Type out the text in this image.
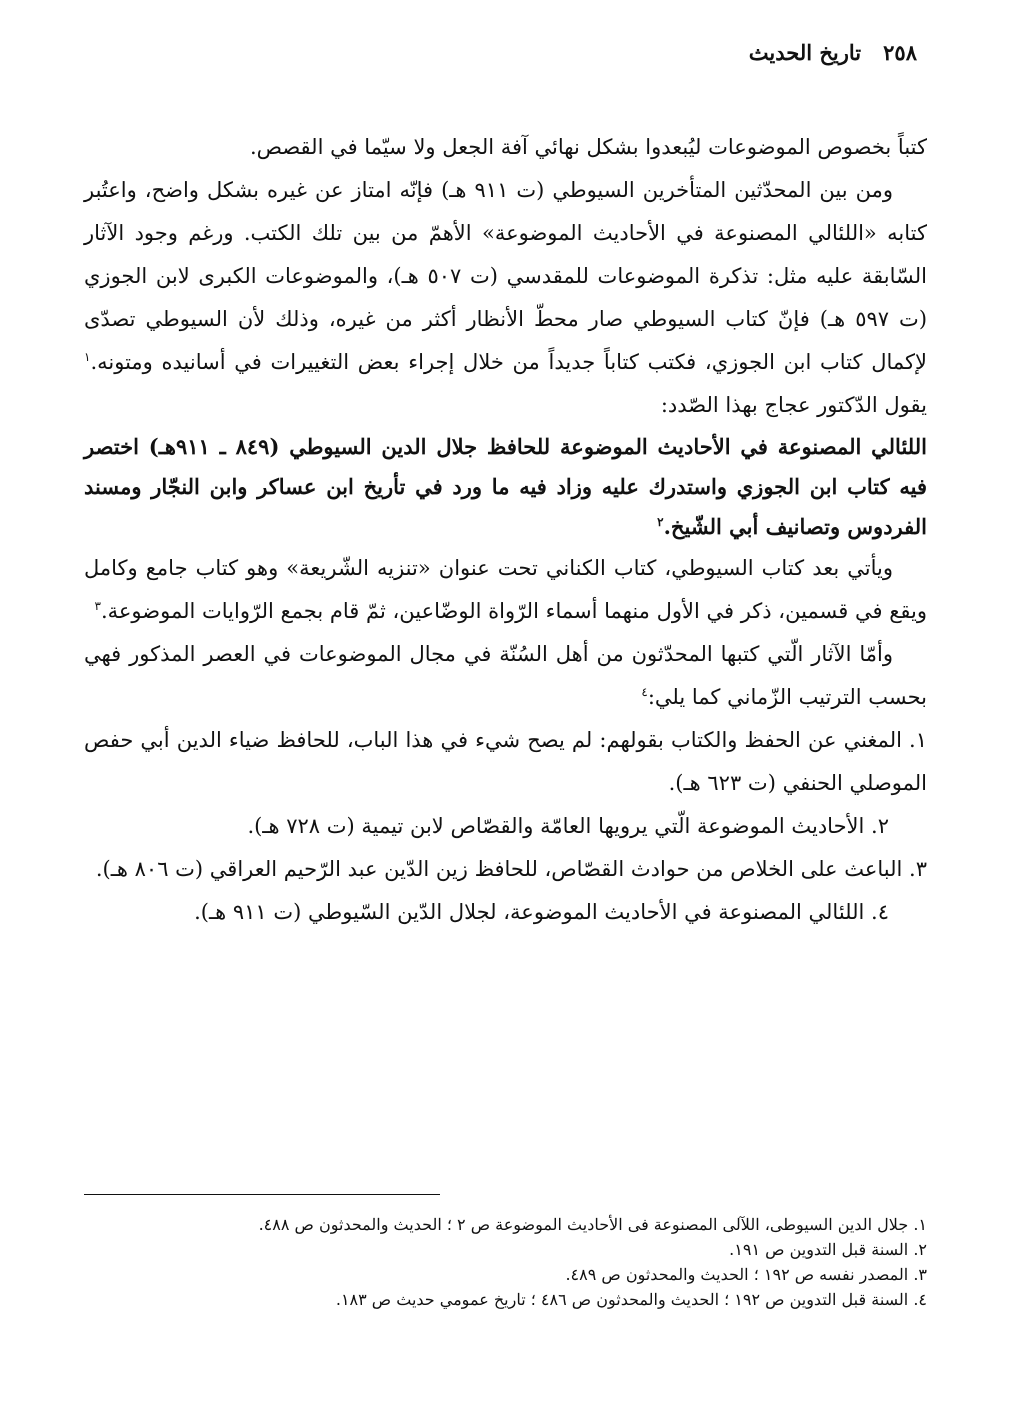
٢٥٨
تاريخ الحديث

كتباً بخصوص الموضوعات ليُبعدوا بشكل نهائي آفة الجعل ولا سيّما في القصص.

ومن بين المحدّثين المتأخرين السيوطي (ت ٩١١ هـ) فإنّه امتاز عن غيره بشكل واضح، واعتُبر كتابه «اللئالي المصنوعة في الأحاديث الموضوعة» الأهمّ من بين تلك الكتب. ورغم وجود الآثار السّابقة عليه مثل: تذكرة الموضوعات للمقدسي (ت ٥٠٧ هـ)، والموضوعات الكبرى لابن الجوزي (ت ٥٩٧ هـ) فإنّ كتاب السيوطي صار محطّ الأنظار أكثر من غيره، وذلك لأن السيوطي تصدّى لإكمال كتاب ابن الجوزي، فكتب كتاباً جديداً من خلال إجراء بعض التغييرات في أسانيده ومتونه.$^١$ يقول الدّكتور عجاج بهذا الصّدد:

اللئالي المصنوعة في الأحاديث الموضوعة للحافظ جلال الدين السيوطي (٨٤٩ ـ ٩١١هـ) اختصر فيه كتاب ابن الجوزي واستدرك عليه وزاد فيه ما ورد في تأريخ ابن عساكر وابن النجّار ومسند الفردوس وتصانيف أبي الشّيخ.$^٢$

ويأتي بعد كتاب السيوطي، كتاب الكناني تحت عنوان «تنزيه الشّريعة» وهو كتاب جامع وكامل ويقع في قسمين، ذكر في الأول منهما أسماء الرّواة الوضّاعين، ثمّ قام بجمع الرّوايات الموضوعة.$^٣$

وأمّا الآثار الّتي كتبها المحدّثون من أهل السُنّة في مجال الموضوعات في العصر المذكور فهي بحسب الترتيب الزّماني كما يلي:$^٤$

١. المغني عن الحفظ والكتاب بقولهم: لم يصح شيء في هذا الباب، للحافظ ضياء الدين أبي حفص الموصلي الحنفي (ت ٦٢٣ هـ).

٢. الأحاديث الموضوعة الّتي يرويها العامّة والقصّاص لابن تيمية (ت ٧٢٨ هـ).

٣. الباعث على الخلاص من حوادث القصّاص، للحافظ زين الدّين عبد الرّحيم العراقي (ت ٨٠٦ هـ).

٤. اللئالي المصنوعة في الأحاديث الموضوعة، لجلال الدّين السّيوطي (ت ٩١١ هـ).

١. جلال الدين السيوطى، اللآلى المصنوعة فى الأحاديث الموضوعة ص ٢ ؛ الحديث والمحدثون ص ٤٨٨.

٢. السنة قبل التدوين ص ١٩١.

٣. المصدر نفسه ص ١٩٢ ؛ الحديث والمحدثون ص ٤٨٩.

٤. السنة قبل التدوين ص ١٩٢ ؛ الحديث والمحدثون ص ٤٨٦ ؛ تاريخ عمومي حديث ص ١٨٣.
